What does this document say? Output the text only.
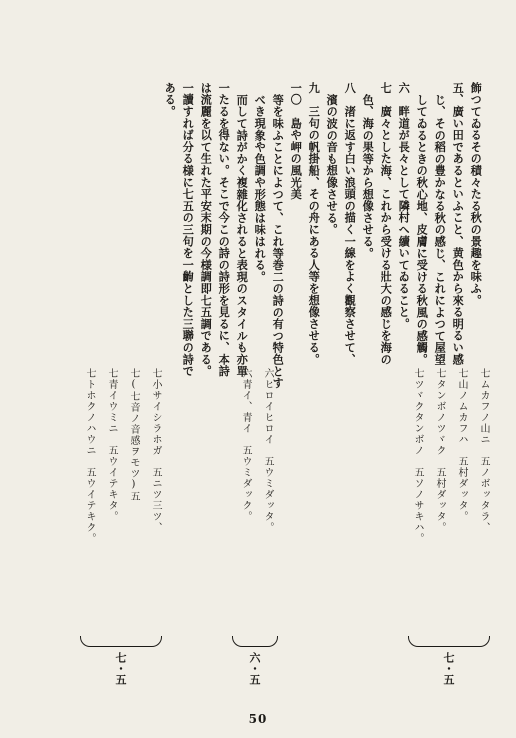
飾つてゐるその積々たる秋の景趣を味ふ。
五、廣い田であるといふこと、黄色から來る明るい感
じ、その稻の豊かなる秋の感じ、これによつて屋望
してゐるときの秋心地、皮膚に受ける秋風の感觸。
六　畔道が長々として隣村へ續いてゐること。
七　廣々とした海、これから受ける壯大の感じを海の
色、海の果等から想像させる。
八　渚に返す白い浪頭の描く一線をよく觀察させて、
濱の波の音も想像させる。
九　三句の帆掛船、その舟にある人等を想像させる。
一〇　島や岬の風光美
等を味ふことによつて、これ等巻二の詩の有つ特色とす
べき現象や色調や形態は味はれる。
而して詩がかく複雜化されると表現のスタイルも亦單
一たるを得ない。そこで今この詩の詩形を見るに、本詩
は流麗を以て生れた平安末期の今様調即七五調である。
一讀すれば分る様に七五の三句を一齣とした三聯の詩で
ある。
七ムカフノ山ニ　五ノボッタラ、
七山ノムカフハ　五村ダッタ。
七タンボノツヾク　五村ダッタ。
七ツヾクタンボノ　五ソノサキハ。
七・五
六ヒロイヒロイ　五ウミダッタ。
六青イ、青イ　五ウミダック。
六・五
七小サイシラホガ　五ニツ三ツ、
七(七音ノ音感ヲモツ)五
七青イウミニ　五ウイテキタ。
七トホクノハウニ　五ウイテキク。
七・五
50
